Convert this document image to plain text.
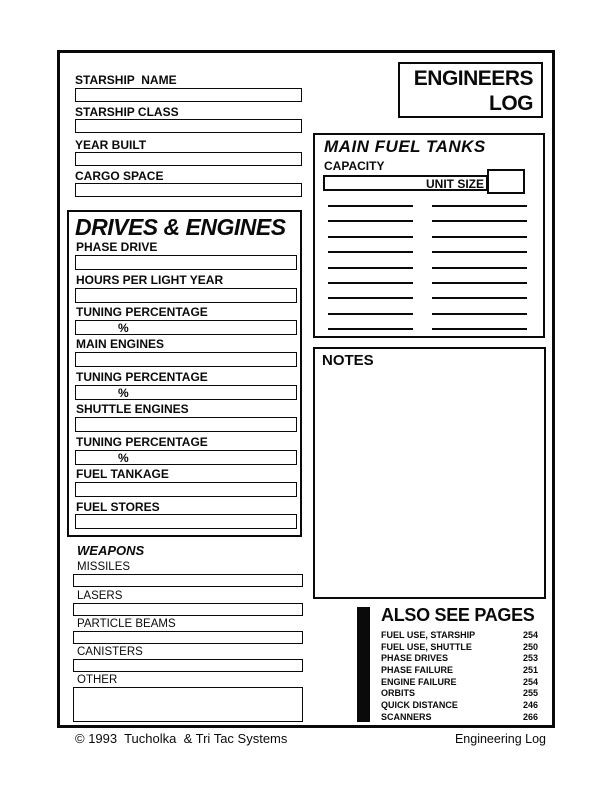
ENGINEERS
LOG
STARSHIP  NAME
STARSHIP CLASS
YEAR BUILT
CARGO SPACE
MAIN FUEL TANKS
CAPACITY
UNIT SIZE
DRIVES & ENGINES
PHASE DRIVE
HOURS PER LIGHT YEAR
TUNING PERCENTAGE
%
MAIN ENGINES
TUNING PERCENTAGE
%
SHUTTLE ENGINES
TUNING PERCENTAGE
%
FUEL TANKAGE
FUEL STORES
WEAPONS
MISSILES
LASERS
PARTICLE BEAMS
CANISTERS
OTHER
NOTES
ALSO SEE PAGES
FUEL USE, STARSHIP	254
FUEL USE, SHUTTLE	250
PHASE DRIVES	253
PHASE FAILURE	251
ENGINE FAILURE	254
ORBITS	255
QUICK DISTANCE	246
SCANNERS	266
© 1993  Tucholka  & Tri Tac Systems	Engineering Log
